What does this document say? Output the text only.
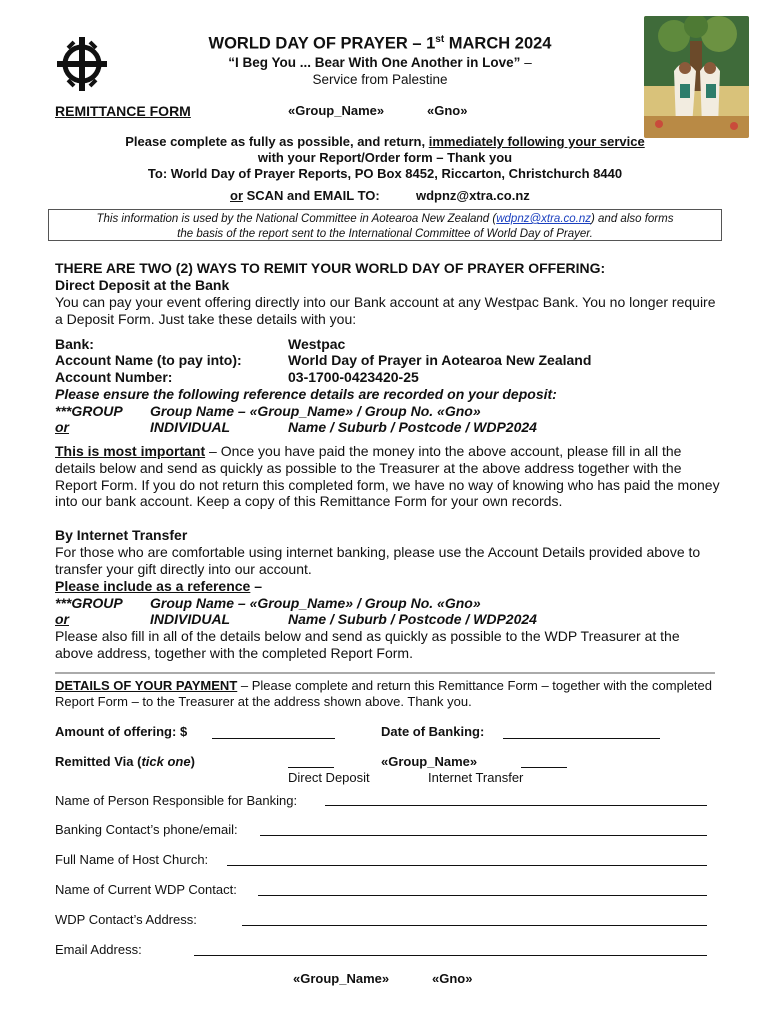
WORLD DAY OF PRAYER – 1st MARCH 2024
“I Beg You ... Bear With One Another in Love” –
Service from Palestine
REMITTANCE FORM	«Group_Name»	«Gno»
Please complete as fully as possible, and return, immediately following your service
with your Report/Order form – Thank you
To: World Day of Prayer Reports, PO Box 8452, Riccarton, Christchurch 8440
or SCAN and EMAIL TO:	wdpnz@xtra.co.nz
This information is used by the National Committee in Aotearoa New Zealand (wdpnz@xtra.co.nz) and also forms
the basis of the report sent to the International Committee of World Day of Prayer.
THERE ARE TWO (2) WAYS TO REMIT YOUR WORLD DAY OF PRAYER OFFERING:
Direct Deposit at the Bank
You can pay your event offering directly into our Bank account at any Westpac Bank. You no longer require a Deposit Form. Just take these details with you:
Bank:	Westpac
Account Name (to pay into):	World Day of Prayer in Aotearoa New Zealand
Account Number:	03-1700-0423420-25
Please ensure the following reference details are recorded on your deposit:
***GROUP Group Name – «Group_Name» / Group No. «Gno»
or	INDIVIDUAL	Name / Suburb / Postcode / WDP2024
This is most important – Once you have paid the money into the above account, please fill in all the details below and send as quickly as possible to the Treasurer at the above address together with the Report Form. If you do not return this completed form, we have no way of knowing who has paid the money into our bank account. Keep a copy of this Remittance Form for your own records.
By Internet Transfer
For those who are comfortable using internet banking, please use the Account Details provided above to transfer your gift directly into our account.
Please include as a reference –
***GROUP Group Name – «Group_Name» / Group No. «Gno»
or	INDIVIDUAL	Name / Suburb / Postcode / WDP2024
Please also fill in all of the details below and send as quickly as possible to the WDP Treasurer at the above address, together with the completed Report Form.
DETAILS OF YOUR PAYMENT – Please complete and return this Remittance Form – together with the completed Report Form – to the Treasurer at the address shown above. Thank you.
Amount of offering: $	Date of Banking:
Remitted Via (tick one)	«Group_Name»
Direct Deposit	Internet Transfer
Name of Person Responsible for Banking:
Banking Contact’s phone/email:
Full Name of Host Church:
Name of Current WDP Contact:
WDP Contact’s Address:
Email Address:
«Group_Name»	«Gno»
